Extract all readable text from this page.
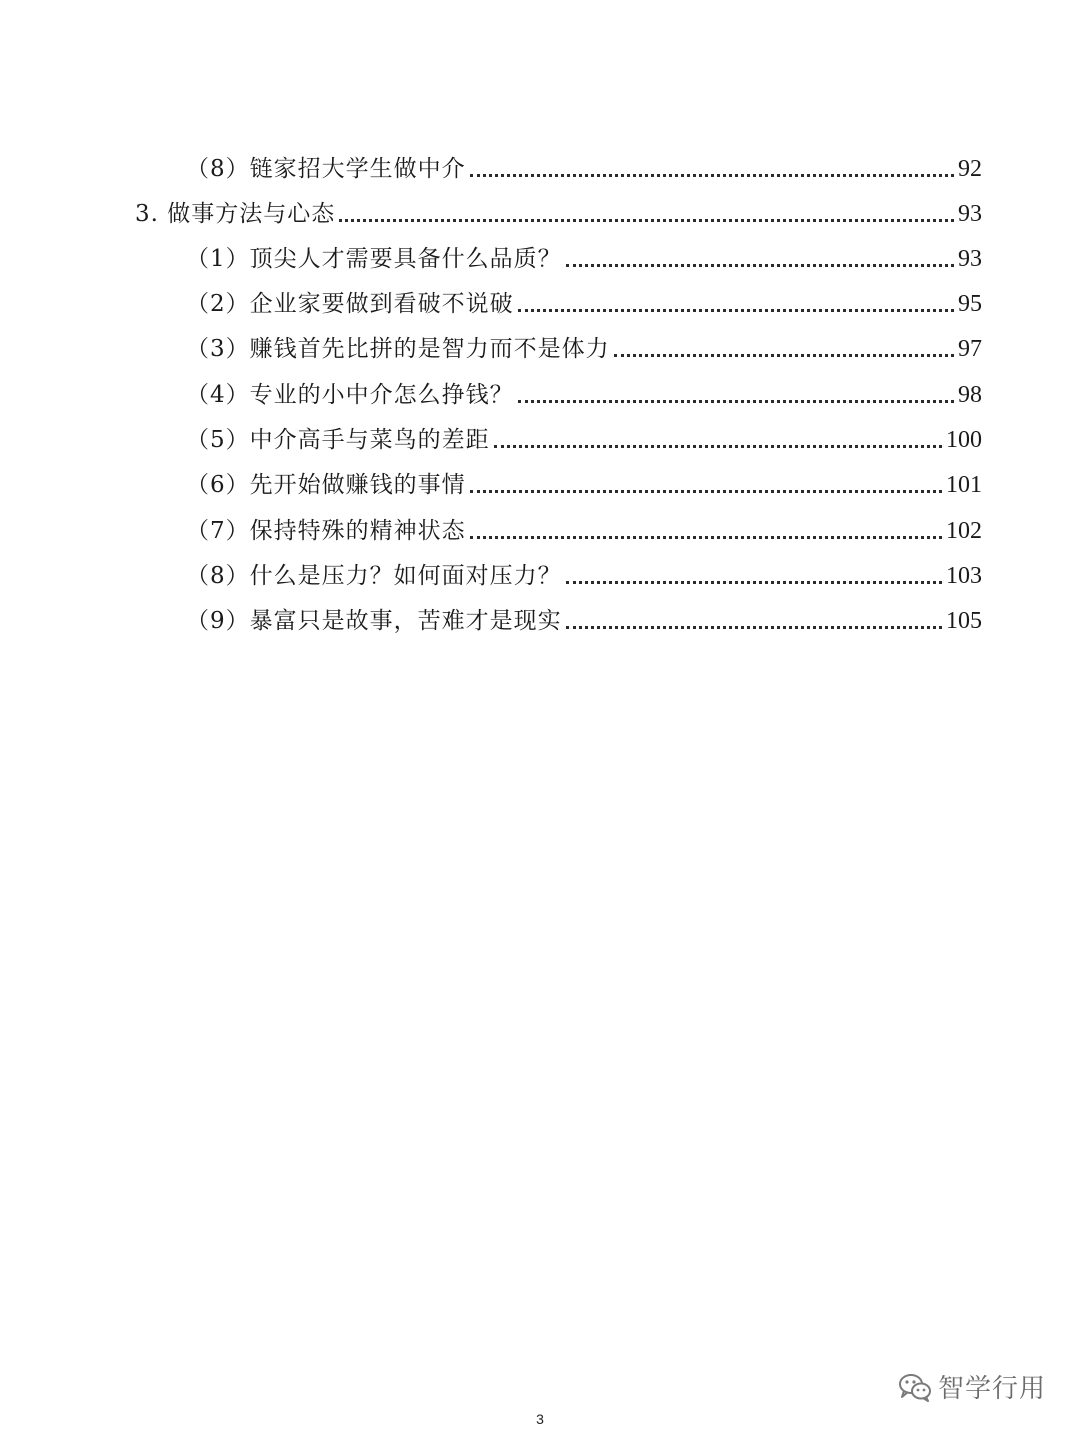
（8）链家招大学生做中介	92
3. 做事方法与心态	93
（1）顶尖人才需要具备什么品质？	93
（2）企业家要做到看破不说破	95
（3）赚钱首先比拼的是智力而不是体力	97
（4）专业的小中介怎么挣钱？	98
（5）中介高手与菜鸟的差距	100
（6）先开始做赚钱的事情	101
（7）保持特殊的精神状态	102
（8）什么是压力？如何面对压力？	103
（9）暴富只是故事，苦难才是现实	105
智学行用
3
